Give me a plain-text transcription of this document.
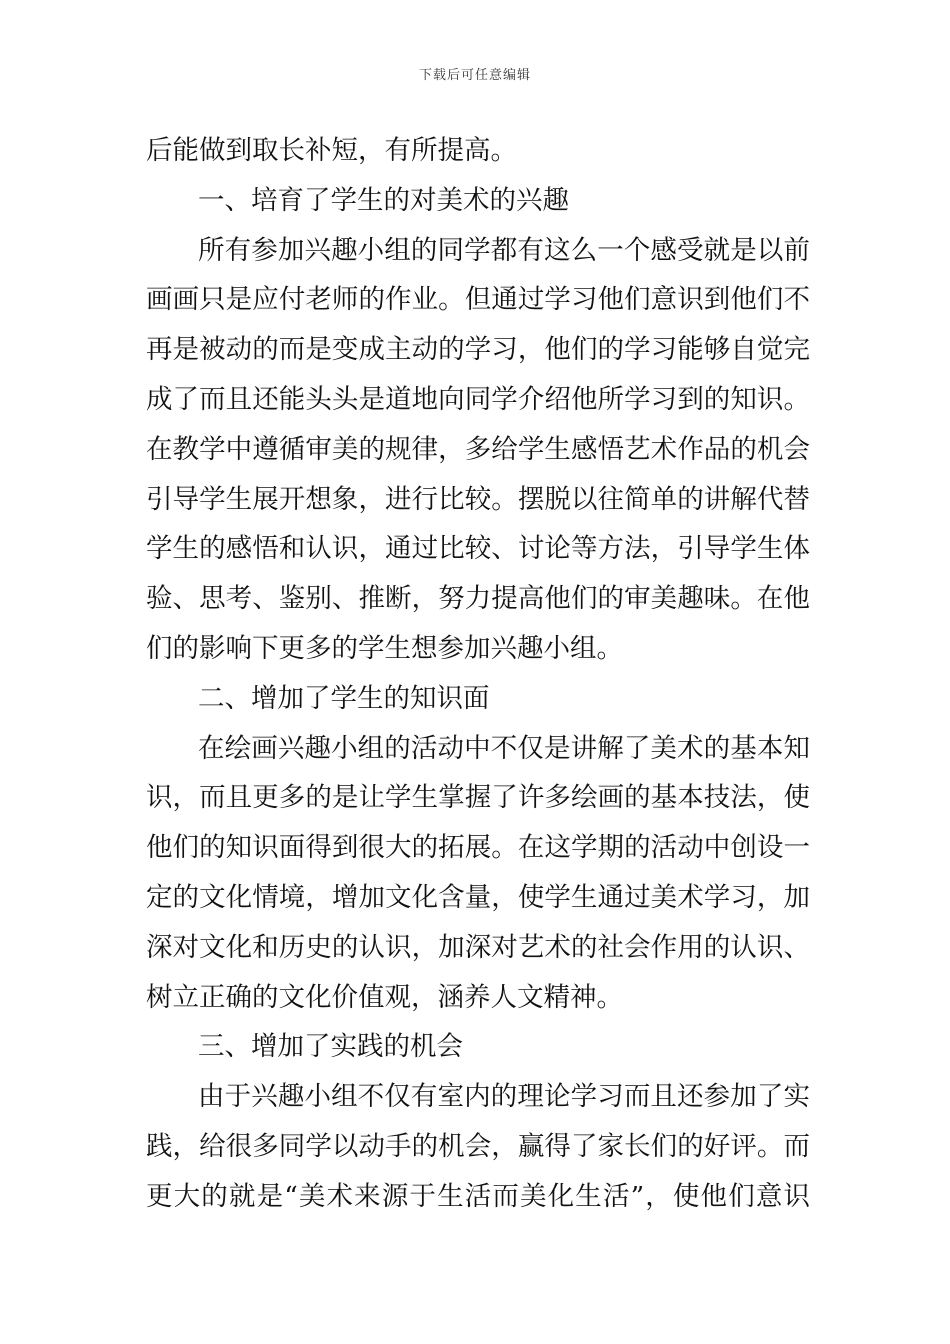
下载后可任意编辑
后能做到取长补短，有所提高。
一、培育了学生的对美术的兴趣
所有参加兴趣小组的同学都有这么一个感受就是以前
画画只是应付老师的作业。但通过学习他们意识到他们不
再是被动的而是变成主动的学习，他们的学习能够自觉完
成了而且还能头头是道地向同学介绍他所学习到的知识。
在教学中遵循审美的规律，多给学生感悟艺术作品的机会
引导学生展开想象，进行比较。摆脱以往简单的讲解代替
学生的感悟和认识，通过比较、讨论等方法，引导学生体
验、思考、鉴别、推断，努力提高他们的审美趣味。在他
们的影响下更多的学生想参加兴趣小组。
二、增加了学生的知识面
在绘画兴趣小组的活动中不仅是讲解了美术的基本知
识，而且更多的是让学生掌握了许多绘画的基本技法，使
他们的知识面得到很大的拓展。在这学期的活动中创设一
定的文化情境，增加文化含量，使学生通过美术学习，加
深对文化和历史的认识，加深对艺术的社会作用的认识、
树立正确的文化价值观，涵养人文精神。
三、增加了实践的机会
由于兴趣小组不仅有室内的理论学习而且还参加了实
践，给很多同学以动手的机会，赢得了家长们的好评。而
更大的就是“美术来源于生活而美化生活”，使他们意识
